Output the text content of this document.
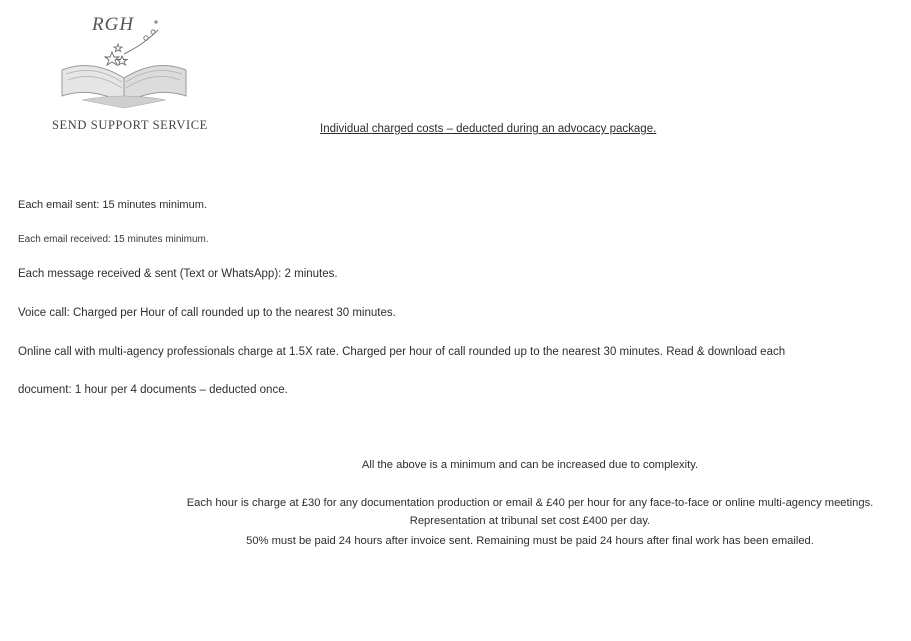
RGH
SEND SUPPORT SERVICE	Individual charged costs – deducted during an advocacy package.

Each email sent: 15 minutes minimum.

Each email received: 15 minutes minimum.

Each message received & sent (Text or WhatsApp): 2 minutes.

Voice call: Charged per Hour of call rounded up to the nearest 30 minutes.

Online call with multi-agency professionals charge at 1.5X rate. Charged per hour of call rounded up to the nearest 30 minutes. Read & download each

document: 1 hour per 4 documents – deducted once.

All the above is a minimum and can be increased due to complexity.
Each hour is charge at £30 for any documentation production or email & £40 per hour for any face-to-face or online multi-agency meetings.
Representation at tribunal set cost £400 per day.
50% must be paid 24 hours after invoice sent. Remaining must be paid 24 hours after final work has been emailed.
